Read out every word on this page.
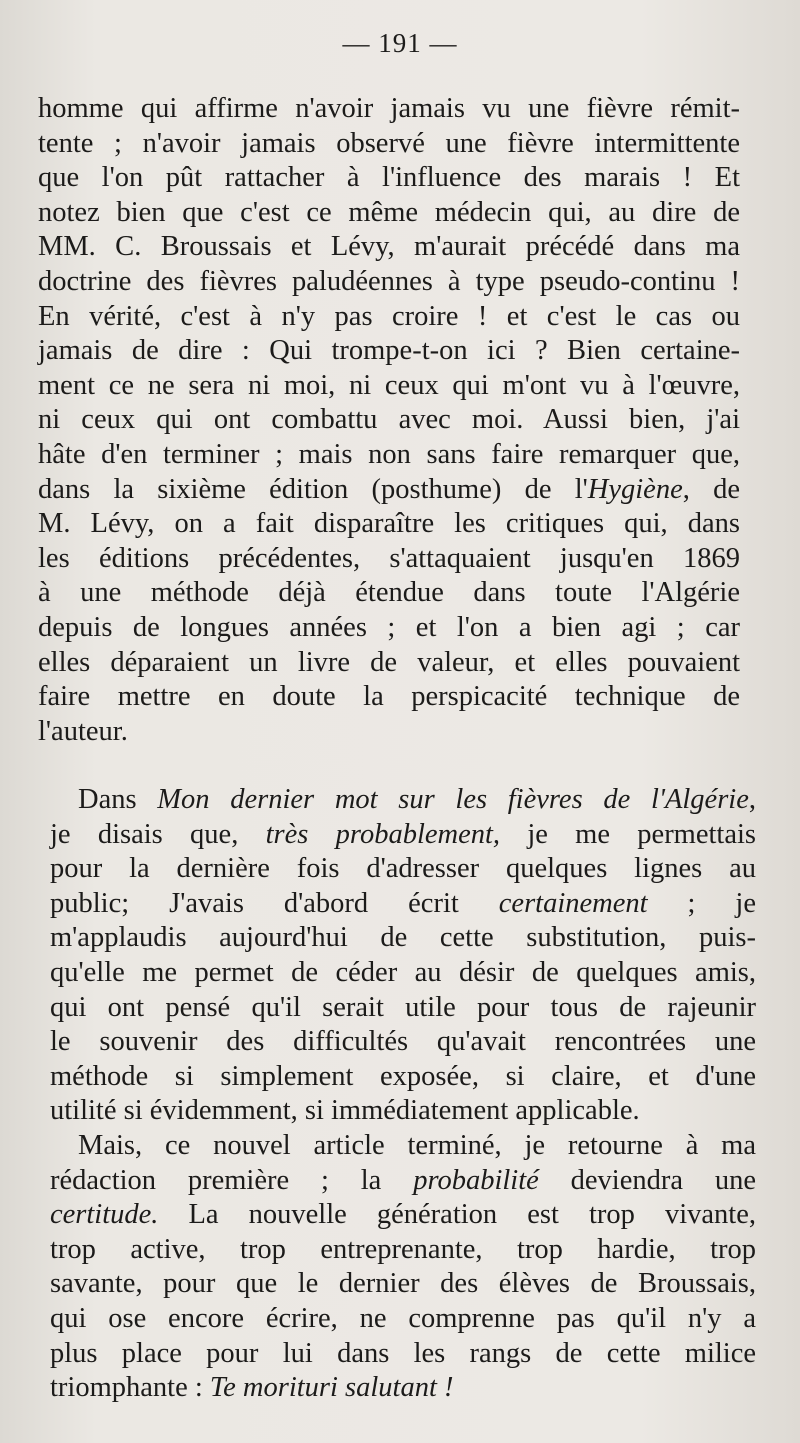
— 191 —
homme qui affirme n'avoir jamais vu une fièvre rémit-
tente ; n'avoir jamais observé une fièvre intermittente
que l'on pût rattacher à l'influence des marais ! Et
notez bien que c'est ce même médecin qui, au dire de
MM. C. Broussais et Lévy, m'aurait précédé dans ma
doctrine des fièvres paludéennes à type pseudo-continu !
En vérité, c'est à n'y pas croire ! et c'est le cas ou
jamais de dire : Qui trompe-t-on ici ? Bien certaine-
ment ce ne sera ni moi, ni ceux qui m'ont vu à l'œuvre,
ni ceux qui ont combattu avec moi. Aussi bien, j'ai
hâte d'en terminer ; mais non sans faire remarquer que,
dans la sixième édition (posthume) de l'Hygiène, de
M. Lévy, on a fait disparaître les critiques qui, dans
les éditions précédentes, s'attaquaient jusqu'en 1869
à une méthode déjà étendue dans toute l'Algérie
depuis de longues années ; et l'on a bien agi ; car
elles déparaient un livre de valeur, et elles pouvaient
faire mettre en doute la perspicacité technique de
l'auteur.
Dans Mon dernier mot sur les fièvres de l'Algérie,
je disais que, très probablement, je me permettais
pour la dernière fois d'adresser quelques lignes au
public; J'avais d'abord écrit certainement ; je
m'applaudis aujourd'hui de cette substitution, puis-
qu'elle me permet de céder au désir de quelques amis,
qui ont pensé qu'il serait utile pour tous de rajeunir
le souvenir des difficultés qu'avait rencontrées une
méthode si simplement exposée, si claire, et d'une
utilité si évidemment, si immédiatement applicable.
Mais, ce nouvel article terminé, je retourne à ma
rédaction première ; la probabilité deviendra une
certitude. La nouvelle génération est trop vivante,
trop active, trop entreprenante, trop hardie, trop
savante, pour que le dernier des élèves de Broussais,
qui ose encore écrire, ne comprenne pas qu'il n'y a
plus place pour lui dans les rangs de cette milice
triomphante : Te morituri salutant !
